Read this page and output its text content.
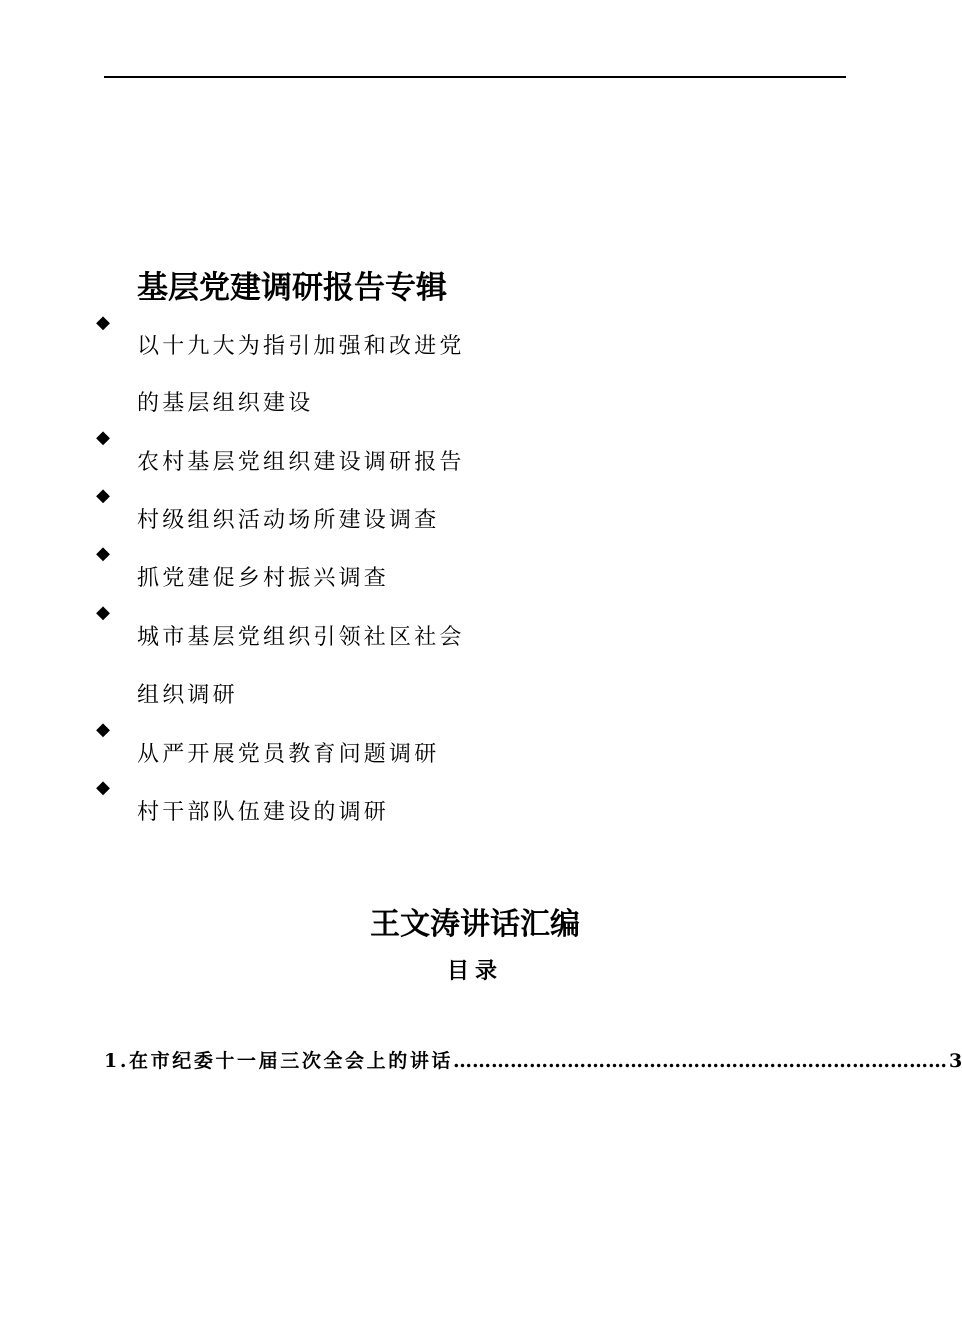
基层党建调研报告专辑
◆
以十九大为指引加强和改进党
的基层组织建设
◆
农村基层党组织建设调研报告
◆
村级组织活动场所建设调查
◆
抓党建促乡村振兴调查
◆
城市基层党组织引领社区社会
组织调研
◆
从严开展党员教育问题调研
◆
村干部队伍建设的调研
王文涛讲话汇编
目录
1.在市纪委十一届三次全会上的讲话 …………………………………………………………………… 3
